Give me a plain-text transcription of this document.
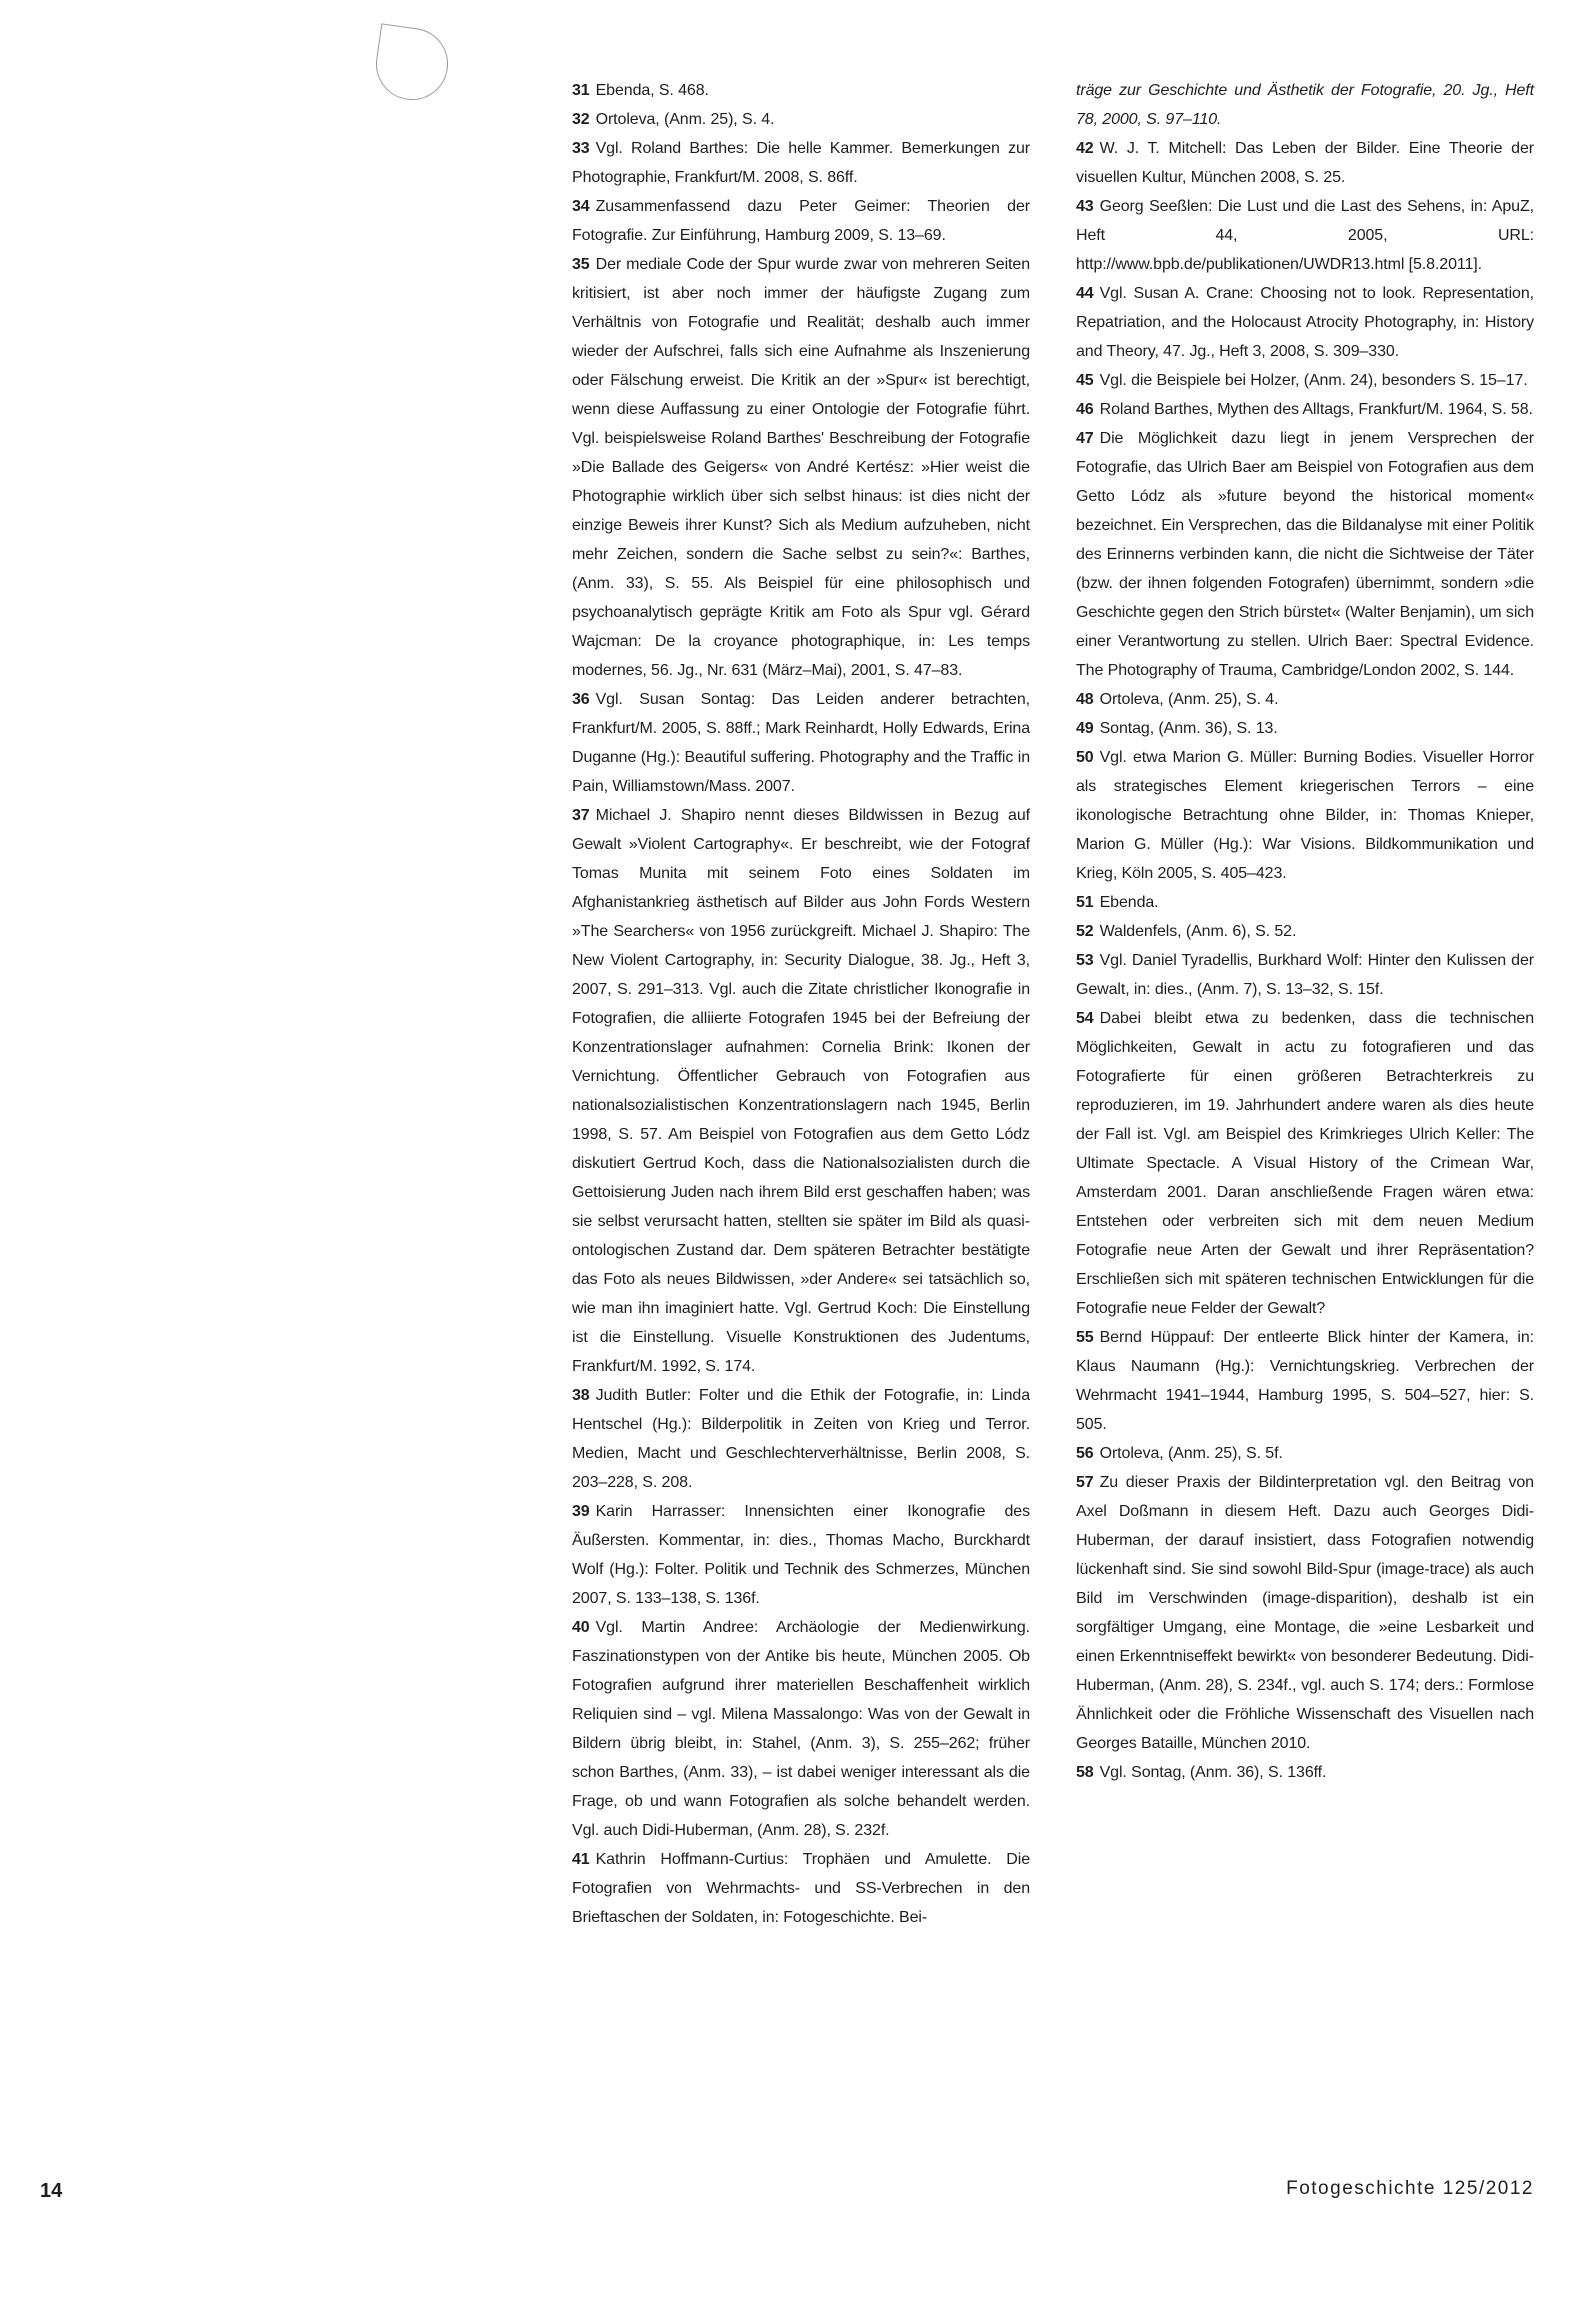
31 Ebenda, S. 468.

32 Ortoleva, (Anm. 25), S. 4.

33 Vgl. Roland Barthes: Die helle Kammer. Bemerkungen zur Photographie, Frankfurt/M. 2008, S. 86ff.

34 Zusammenfassend dazu Peter Geimer: Theorien der Fotografie. Zur Einführung, Hamburg 2009, S. 13–69.

35 Der mediale Code der Spur wurde zwar von mehreren Seiten kritisiert, ist aber noch immer der häufigste Zugang zum Verhältnis von Fotografie und Realität; deshalb auch immer wieder der Aufschrei, falls sich eine Aufnahme als Inszenierung oder Fälschung erweist. Die Kritik an der »Spur« ist berechtigt, wenn diese Auffassung zu einer Ontologie der Fotografie führt. Vgl. beispielsweise Roland Barthes' Beschreibung der Fotografie »Die Ballade des Geigers« von André Kertész: »Hier weist die Photographie wirklich über sich selbst hinaus: ist dies nicht der einzige Beweis ihrer Kunst? Sich als Medium aufzuheben, nicht mehr Zeichen, sondern die Sache selbst zu sein?«: Barthes, (Anm. 33), S. 55. Als Beispiel für eine philosophisch und psychoanalytisch geprägte Kritik am Foto als Spur vgl. Gérard Wajcman: De la croyance photographique, in: Les temps modernes, 56. Jg., Nr. 631 (März–Mai), 2001, S. 47–83.

36 Vgl. Susan Sontag: Das Leiden anderer betrachten, Frankfurt/M. 2005, S. 88ff.; Mark Reinhardt, Holly Edwards, Erina Duganne (Hg.): Beautiful suffering. Photography and the Traffic in Pain, Williamstown/Mass. 2007.

37 Michael J. Shapiro nennt dieses Bildwissen in Bezug auf Gewalt »Violent Cartography«. Er beschreibt, wie der Fotograf Tomas Munita mit seinem Foto eines Soldaten im Afghanistankrieg ästhetisch auf Bilder aus John Fords Western »The Searchers« von 1956 zurückgreift. Michael J. Shapiro: The New Violent Cartography, in: Security Dialogue, 38. Jg., Heft 3, 2007, S. 291–313. Vgl. auch die Zitate christlicher Ikonografie in Fotografien, die alliierte Fotografen 1945 bei der Befreiung der Konzentrationslager aufnahmen: Cornelia Brink: Ikonen der Vernichtung. Öffentlicher Gebrauch von Fotografien aus nationalsozialistischen Konzentrationslagern nach 1945, Berlin 1998, S. 57. Am Beispiel von Fotografien aus dem Getto Lódz diskutiert Gertrud Koch, dass die Nationalsozialisten durch die Gettoisierung Juden nach ihrem Bild erst geschaffen haben; was sie selbst verursacht hatten, stellten sie später im Bild als quasi-ontologischen Zustand dar. Dem späteren Betrachter bestätigte das Foto als neues Bildwissen, »der Andere« sei tatsächlich so, wie man ihn imaginiert hatte. Vgl. Gertrud Koch: Die Einstellung ist die Einstellung. Visuelle Konstruktionen des Judentums, Frankfurt/M. 1992, S. 174.

38 Judith Butler: Folter und die Ethik der Fotografie, in: Linda Hentschel (Hg.): Bilderpolitik in Zeiten von Krieg und Terror. Medien, Macht und Geschlechterverhältnisse, Berlin 2008, S. 203–228, S. 208.

39 Karin Harrasser: Innensichten einer Ikonografie des Äußersten. Kommentar, in: dies., Thomas Macho, Burckhardt Wolf (Hg.): Folter. Politik und Technik des Schmerzes, München 2007, S. 133–138, S. 136f.

40 Vgl. Martin Andree: Archäologie der Medienwirkung. Faszinationstypen von der Antike bis heute, München 2005. Ob Fotografien aufgrund ihrer materiellen Beschaffenheit wirklich Reliquien sind – vgl. Milena Massalongo: Was von der Gewalt in Bildern übrig bleibt, in: Stahel, (Anm. 3), S. 255–262; früher schon Barthes, (Anm. 33), – ist dabei weniger interessant als die Frage, ob und wann Fotografien als solche behandelt werden. Vgl. auch Didi-Huberman, (Anm. 28), S. 232f.

41 Kathrin Hoffmann-Curtius: Trophäen und Amulette. Die Fotografien von Wehrmachts- und SS-Verbrechen in den Brieftaschen der Soldaten, in: Fotogeschichte. Bei-

träge zur Geschichte und Ästhetik der Fotografie, 20. Jg., Heft 78, 2000, S. 97–110.

42 W. J. T. Mitchell: Das Leben der Bilder. Eine Theorie der visuellen Kultur, München 2008, S. 25.

43 Georg Seeßlen: Die Lust und die Last des Sehens, in: ApuZ, Heft 44, 2005, URL: http://www.bpb.de/publikationen/UWDR13.html [5.8.2011].

44 Vgl. Susan A. Crane: Choosing not to look. Representation, Repatriation, and the Holocaust Atrocity Photography, in: History and Theory, 47. Jg., Heft 3, 2008, S. 309–330.

45 Vgl. die Beispiele bei Holzer, (Anm. 24), besonders S. 15–17.

46 Roland Barthes, Mythen des Alltags, Frankfurt/M. 1964, S. 58.

47 Die Möglichkeit dazu liegt in jenem Versprechen der Fotografie, das Ulrich Baer am Beispiel von Fotografien aus dem Getto Lódz als »future beyond the historical moment« bezeichnet. Ein Versprechen, das die Bildanalyse mit einer Politik des Erinnerns verbinden kann, die nicht die Sichtweise der Täter (bzw. der ihnen folgenden Fotografen) übernimmt, sondern »die Geschichte gegen den Strich bürstet« (Walter Benjamin), um sich einer Verantwortung zu stellen. Ulrich Baer: Spectral Evidence. The Photography of Trauma, Cambridge/London 2002, S. 144.

48 Ortoleva, (Anm. 25), S. 4.

49 Sontag, (Anm. 36), S. 13.

50 Vgl. etwa Marion G. Müller: Burning Bodies. Visueller Horror als strategisches Element kriegerischen Terrors – eine ikonologische Betrachtung ohne Bilder, in: Thomas Knieper, Marion G. Müller (Hg.): War Visions. Bildkommunikation und Krieg, Köln 2005, S. 405–423.

51 Ebenda.

52 Waldenfels, (Anm. 6), S. 52.

53 Vgl. Daniel Tyradellis, Burkhard Wolf: Hinter den Kulissen der Gewalt, in: dies., (Anm. 7), S. 13–32, S. 15f.

54 Dabei bleibt etwa zu bedenken, dass die technischen Möglichkeiten, Gewalt in actu zu fotografieren und das Fotografierte für einen größeren Betrachterkreis zu reproduzieren, im 19. Jahrhundert andere waren als dies heute der Fall ist. Vgl. am Beispiel des Krimkrieges Ulrich Keller: The Ultimate Spectacle. A Visual History of the Crimean War, Amsterdam 2001. Daran anschließende Fragen wären etwa: Entstehen oder verbreiten sich mit dem neuen Medium Fotografie neue Arten der Gewalt und ihrer Repräsentation? Erschließen sich mit späteren technischen Entwicklungen für die Fotografie neue Felder der Gewalt?

55 Bernd Hüppauf: Der entleerte Blick hinter der Kamera, in: Klaus Naumann (Hg.): Vernichtungskrieg. Verbrechen der Wehrmacht 1941–1944, Hamburg 1995, S. 504–527, hier: S. 505.

56 Ortoleva, (Anm. 25), S. 5f.

57 Zu dieser Praxis der Bildinterpretation vgl. den Beitrag von Axel Doßmann in diesem Heft. Dazu auch Georges Didi-Huberman, der darauf insistiert, dass Fotografien notwendig lückenhaft sind. Sie sind sowohl Bild-Spur (image-trace) als auch Bild im Verschwinden (image-disparition), deshalb ist ein sorgfältiger Umgang, eine Montage, die »eine Lesbarkeit und einen Erkenntniseffekt bewirkt« von besonderer Bedeutung. Didi-Huberman, (Anm. 28), S. 234f., vgl. auch S. 174; ders.: Formlose Ähnlichkeit oder die Fröhliche Wissenschaft des Visuellen nach Georges Bataille, München 2010.

58 Vgl. Sontag, (Anm. 36), S. 136ff.

14	Fotogeschichte 125/2012
